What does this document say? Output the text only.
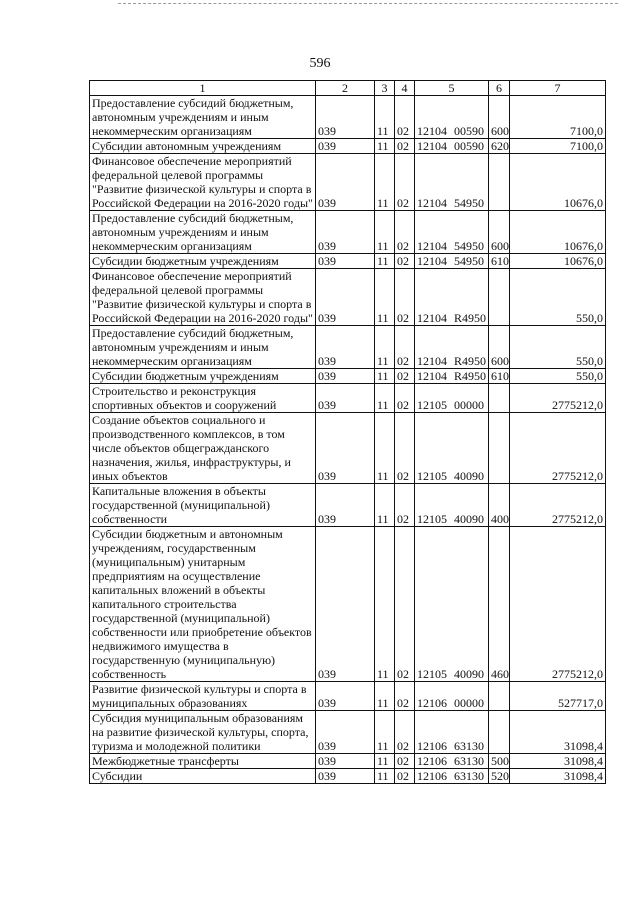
596
1	2	3	4	5	6	7
Предоставление субсидий бюджетным, автономным учреждениям и иным некоммерческим организациям	039	11	02	12104 00590	600	7100,0
Субсидии автономным учреждениям	039	11	02	12104 00590	620	7100,0
Финансовое обеспечение мероприятий федеральной целевой программы "Развитие физической культуры и спорта в Российской Федерации на 2016-2020 годы"	039	11	02	12104 54950		10676,0
Предоставление субсидий бюджетным, автономным учреждениям и иным некоммерческим организациям	039	11	02	12104 54950	600	10676,0
Субсидии бюджетным учреждениям	039	11	02	12104 54950	610	10676,0
Финансовое обеспечение мероприятий федеральной целевой программы "Развитие физической культуры и спорта в Российской Федерации на 2016-2020 годы"	039	11	02	12104 R4950		550,0
Предоставление субсидий бюджетным, автономным учреждениям и иным некоммерческим организациям	039	11	02	12104 R4950	600	550,0
Субсидии бюджетным учреждениям	039	11	02	12104 R4950	610	550,0
Строительство и реконструкция спортивных объектов и сооружений	039	11	02	12105 00000		2775212,0
Создание объектов социального и производственного комплексов, в том числе объектов общегражданского назначения, жилья, инфраструктуры, и иных объектов	039	11	02	12105 40090		2775212,0
Капитальные вложения в объекты государственной (муниципальной) собственности	039	11	02	12105 40090	400	2775212,0
Субсидии бюджетным и автономным учреждениям, государственным (муниципальным) унитарным предприятиям на осуществление капитальных вложений в объекты капитального строительства государственной (муниципальной) собственности или приобретение объектов недвижимого имущества в государственную (муниципальную) собственность	039	11	02	12105 40090	460	2775212,0
Развитие физической культуры и спорта в муниципальных образованиях	039	11	02	12106 00000		527717,0
Субсидия муниципальным образованиям на развитие физической культуры, спорта, туризма и молодежной политики	039	11	02	12106 63130		31098,4
Межбюджетные трансферты	039	11	02	12106 63130	500	31098,4
Субсидии	039	11	02	12106 63130	520	31098,4
